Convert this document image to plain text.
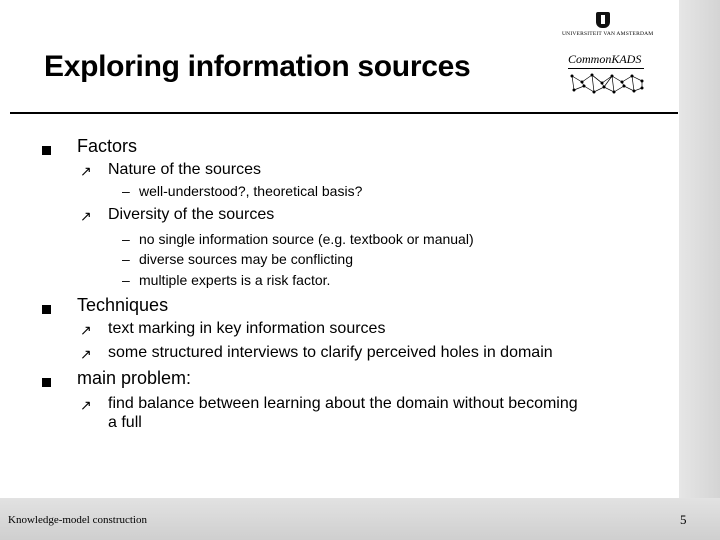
UNIVERSITEIT VAN AMSTERDAM
CommonKADS
Exploring information sources
Factors
↗ Nature of the sources
– well-understood?, theoretical basis?
↗ Diversity of the sources
– no single information source (e.g. textbook or manual)
– diverse sources may be conflicting
– multiple experts is a risk factor.
Techniques
↗ text marking in key information sources
↗ some structured interviews to clarify perceived holes in domain
main problem:
↗ find balance between learning about the domain without becoming
a full
Knowledge-model construction	5
